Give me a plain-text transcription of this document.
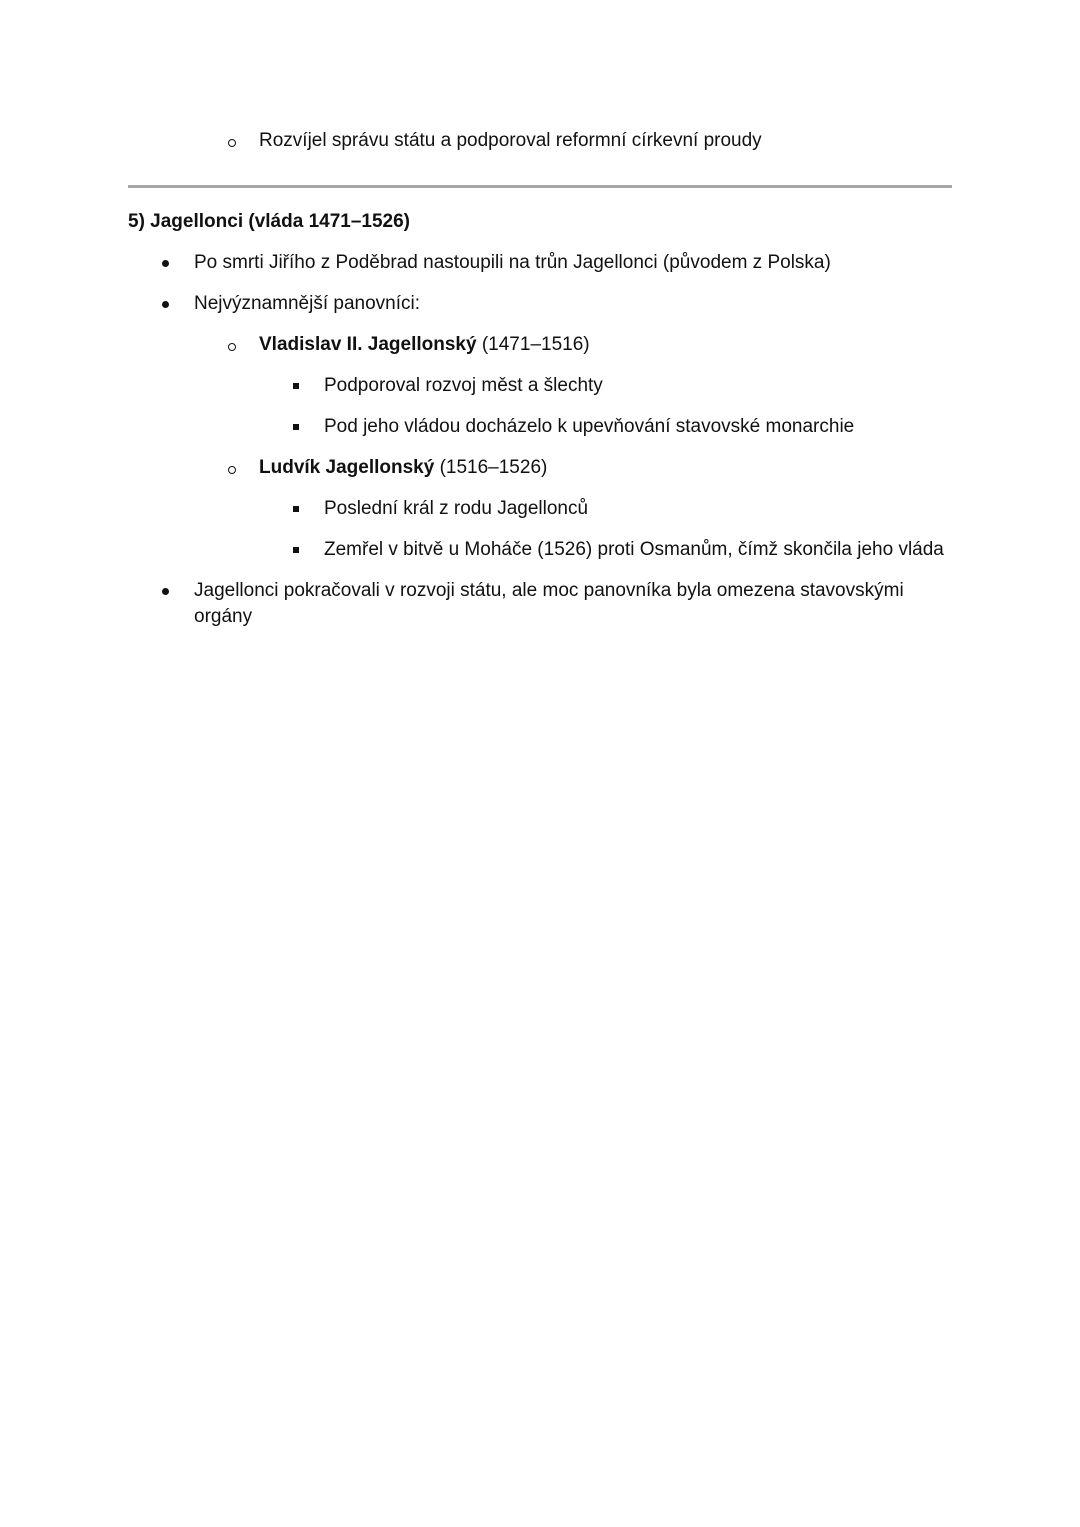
Rozvíjel správu státu a podporoval reformní církevní proudy
5) Jagellonci (vláda 1471–1526)
Po smrti Jiřího z Poděbrad nastoupili na trůn Jagellonci (původem z Polska)
Nejvýznamnější panovníci:
Vladislav II. Jagellonský (1471–1516)
Podporoval rozvoj měst a šlechty
Pod jeho vládou docházelo k upevňování stavovské monarchie
Ludvík Jagellonský (1516–1526)
Poslední král z rodu Jagellonců
Zemřel v bitvě u Moháče (1526) proti Osmanům, čímž skončila jeho vláda
Jagellonci pokračovali v rozvoji státu, ale moc panovníka byla omezena stavovskými orgány
